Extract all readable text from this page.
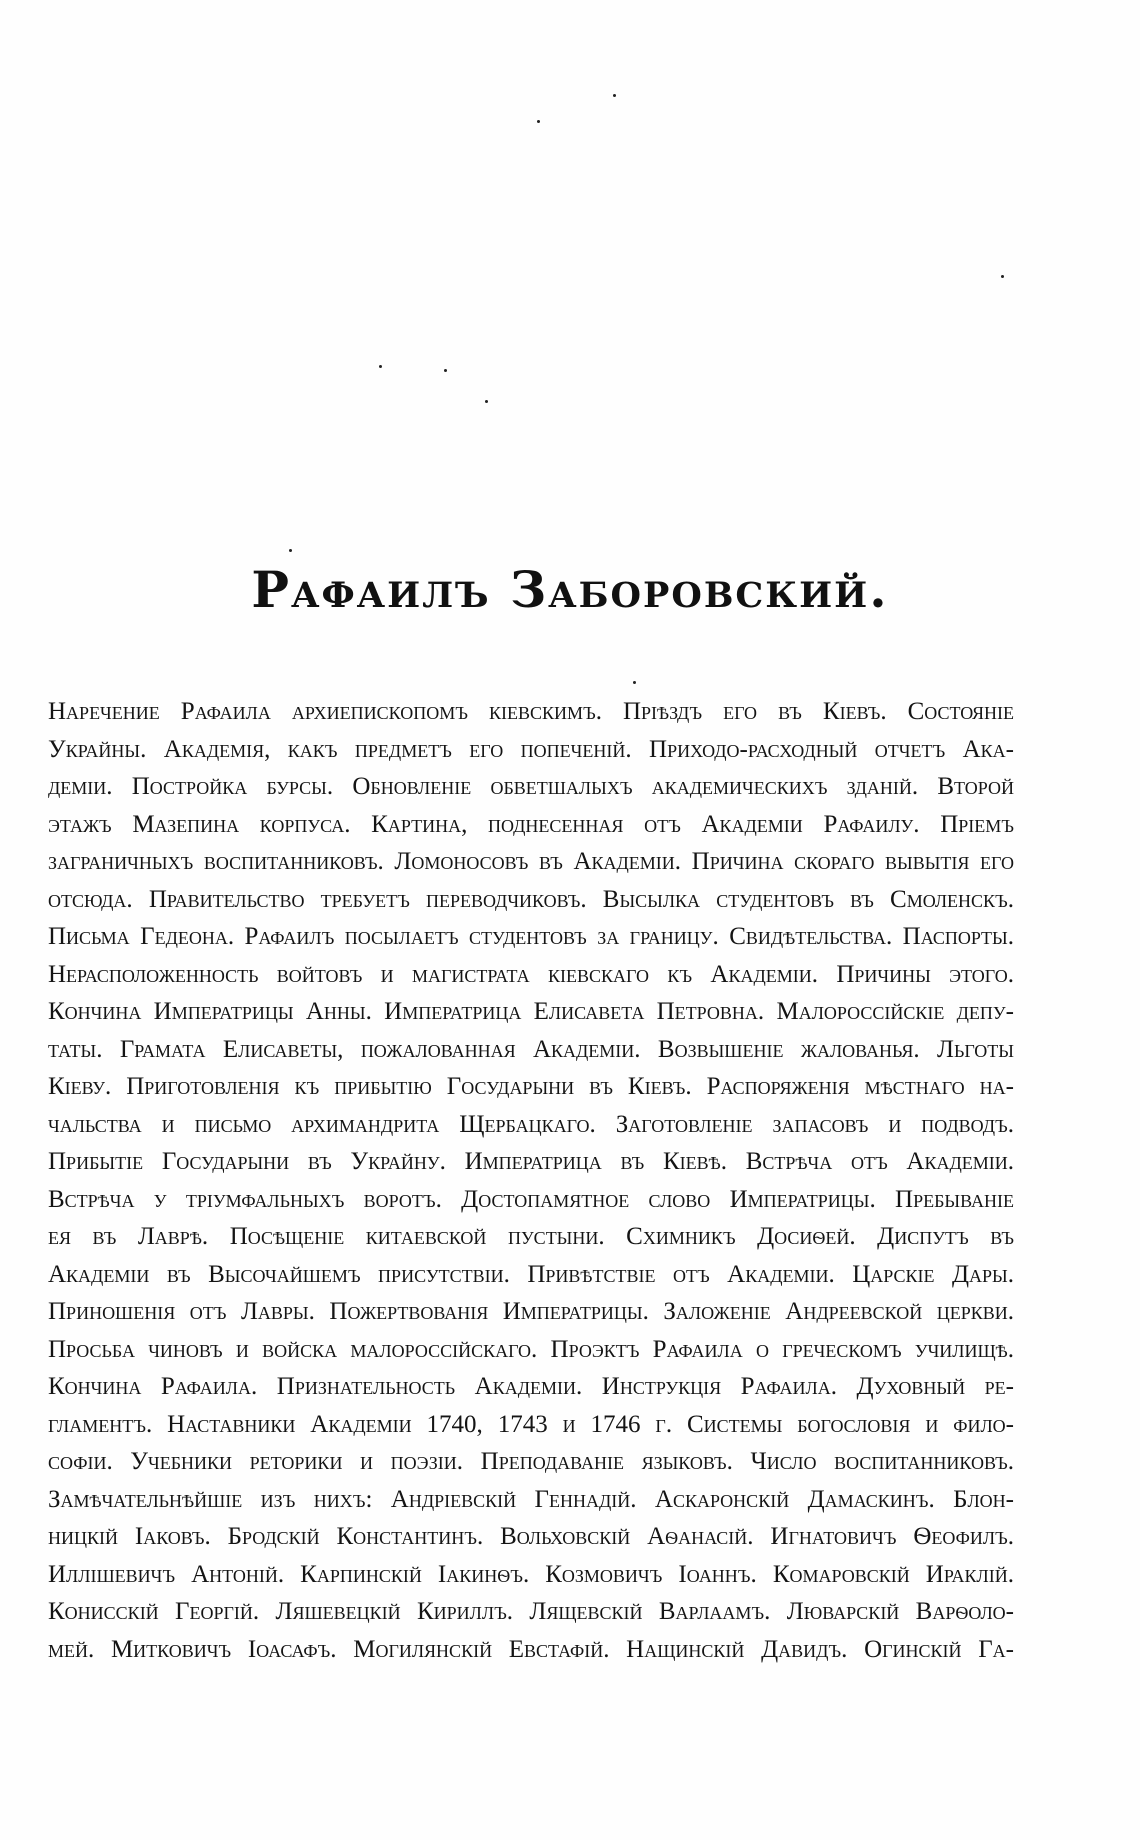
Рафаилъ Заборовский.
Наречение Рафаила архиепископомъ кіевскимъ. Пріѣздъ его въ Кіевъ. Состояніе
Украйны. Академія, какъ предметъ его попеченій. Приходо-расходный отчетъ Ака-
деміи. Постройка бурсы. Обновленіе обветшалыхъ академическихъ зданій. Второй
этажъ Мазепина корпуса. Картина, поднесенная отъ Академіи Рафаилу. Пріемъ
заграничныхъ воспитанниковъ. Ломоносовъ въ Академіи. Причина скораго вывытія его
отсюда. Правительство требуетъ переводчиковъ. Высылка студентовъ въ Смоленскъ.
Письма Гедеона. Рафаилъ посылаетъ студентовъ за границу. Свидѣтельства. Паспорты.
Нерасположенность войтовъ и магистрата кіевскаго къ Академіи. Причины этого.
Кончина Императрицы Анны. Императрица Елисавета Петровна. Малороссійскіе депу-
таты. Грамата Елисаветы, пожалованная Академіи. Возвышеніе жалованья. Льготы
Кіеву. Приготовленія къ прибытію Государыни въ Кіевъ. Распоряженія мѣстнаго на-
чальства и письмо архимандрита Щербацкаго. Заготовленіе запасовъ и подводъ.
Прибытіе Государыни въ Украйну. Императрица въ Кіевѣ. Встрѣча отъ Академіи.
Встрѣча у тріумфальныхъ воротъ. Достопамятное слово Императрицы. Пребываніе
ея въ Лаврѣ. Посѣщеніе китаевской пустыни. Схимникъ Досиѳей. Диспутъ въ
Академіи въ Высочайшемъ присутствіи. Привѣтствіе отъ Академіи. Царскіе Дары.
Приношенія отъ Лавры. Пожертвованія Императрицы. Заложеніе Андреевской церкви.
Просьба чиновъ и войска малороссійскаго. Проэктъ Рафаила о греческомъ училищѣ.
Кончина Рафаила. Признательность Академіи. Инструкція Рафаила. Духовный ре-
гламентъ. Наставники Академіи 1740, 1743 и 1746 г. Системы богословія и фило-
софіи. Учебники реторики и поэзіи. Преподаваніе языковъ. Число воспитанниковъ.
Замѣчательнѣйшіе изъ нихъ: Андріевскій Геннадій. Аскаронскій Дамаскинъ. Блон-
ницкій Іаковъ. Бродскій Константинъ. Вольховскій Аѳанасій. Игнатовичъ Ѳеофилъ.
Иллiшевичъ Антоній. Карпинскій Іакинѳъ. Козмовичъ Іоаннъ. Комаровскій Ираклій.
Конисскій Георгій. Ляшевецкій Кириллъ. Лящевскій Варлаамъ. Люварскій Варѳоло-
мей. Митковичъ Іоасафъ. Могилянскій Евстафій. Нащинскій Давидъ. Огинскій Га-
